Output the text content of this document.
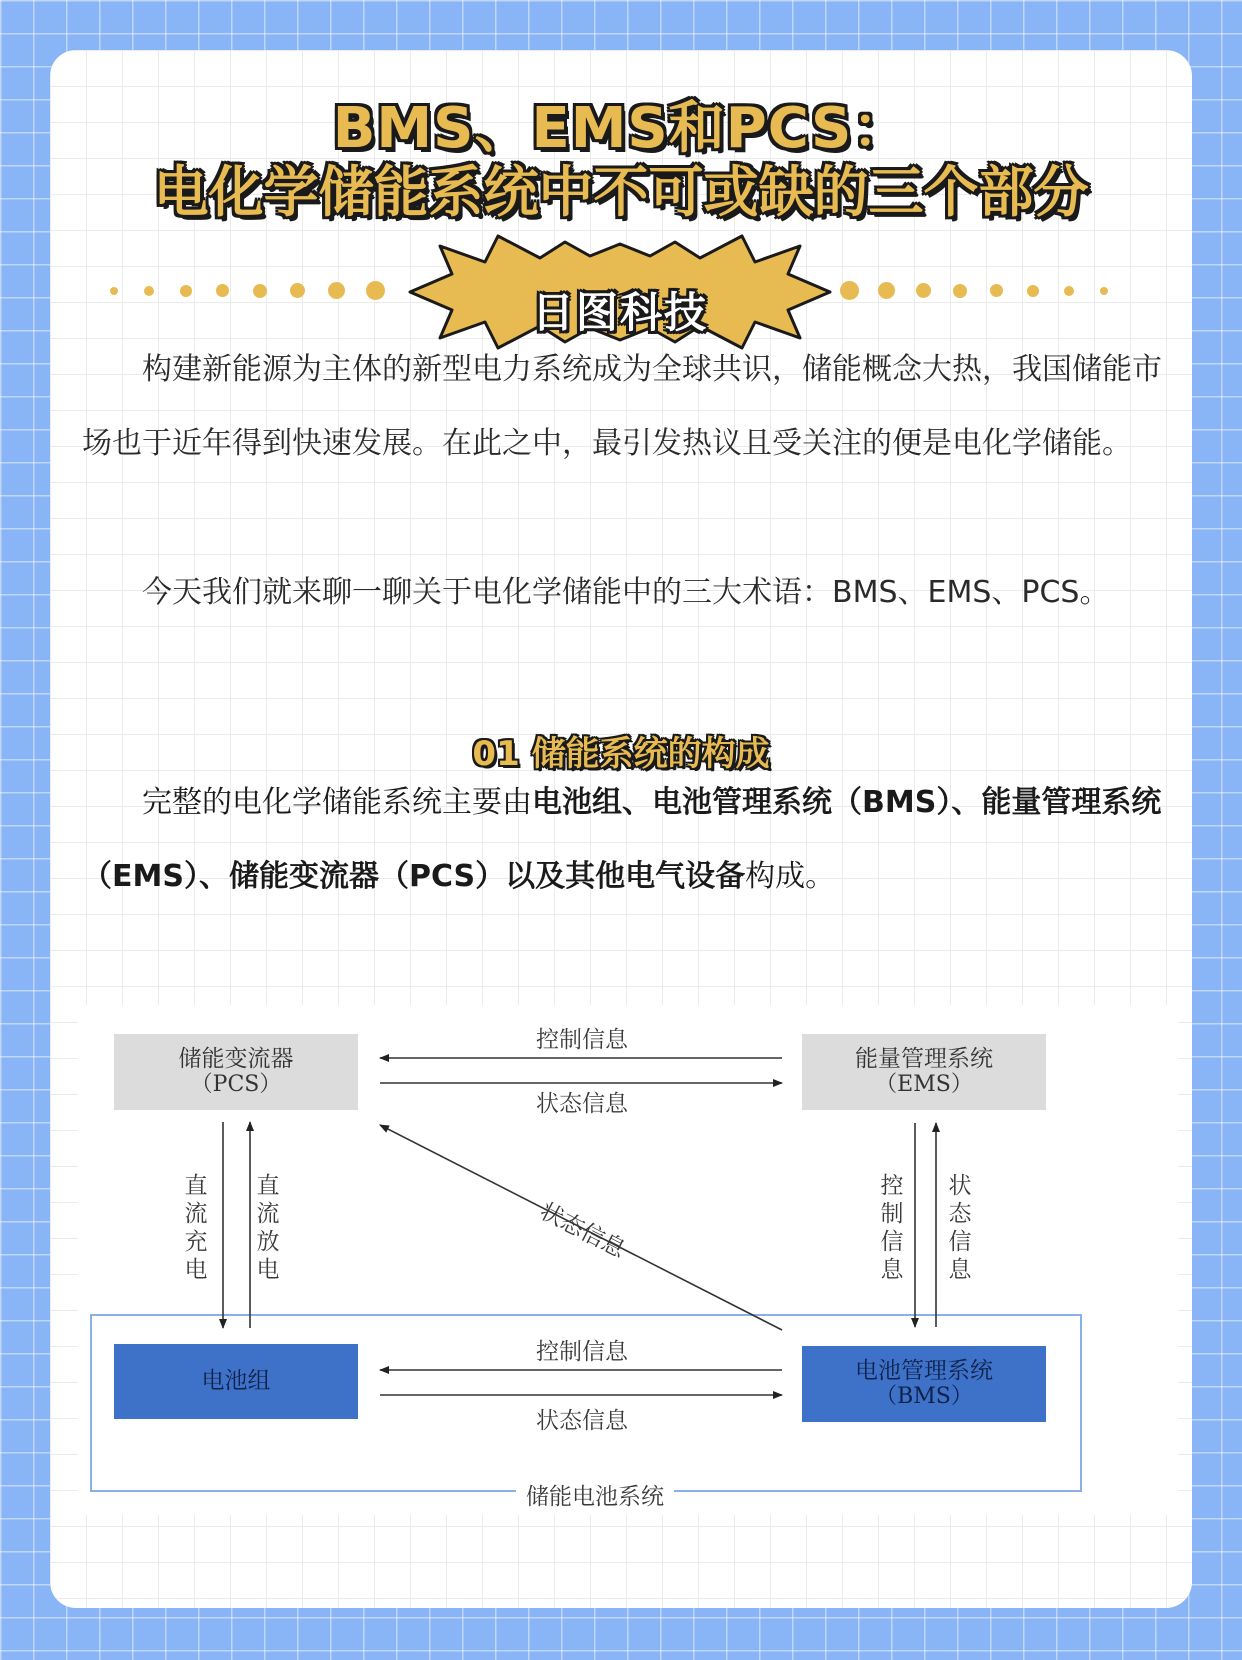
BMS、EMS和PCS：
电化学储能系统中不可或缺的三个部分
日图科技

构建新能源为主体的新型电力系统成为全球共识，储能概念大热，我国储能市场也于近年得到快速发展。在此之中，最引发热议且受关注的便是电化学储能。

今天我们就来聊一聊关于电化学储能中的三大术语：BMS、EMS、PCS。

01 储能系统的构成

完整的电化学储能系统主要由电池组、电池管理系统（BMS）、能量管理系统（EMS）、储能变流器（PCS）以及其他电气设备构成。

储能变流器
（PCS）
能量管理系统
（EMS）
电池组	电池管理系统
（BMS）
控制信息
状态信息
状态信息
直流充电
直流放电
控制信息
状态信息
控制信息
状态信息
储能电池系统
